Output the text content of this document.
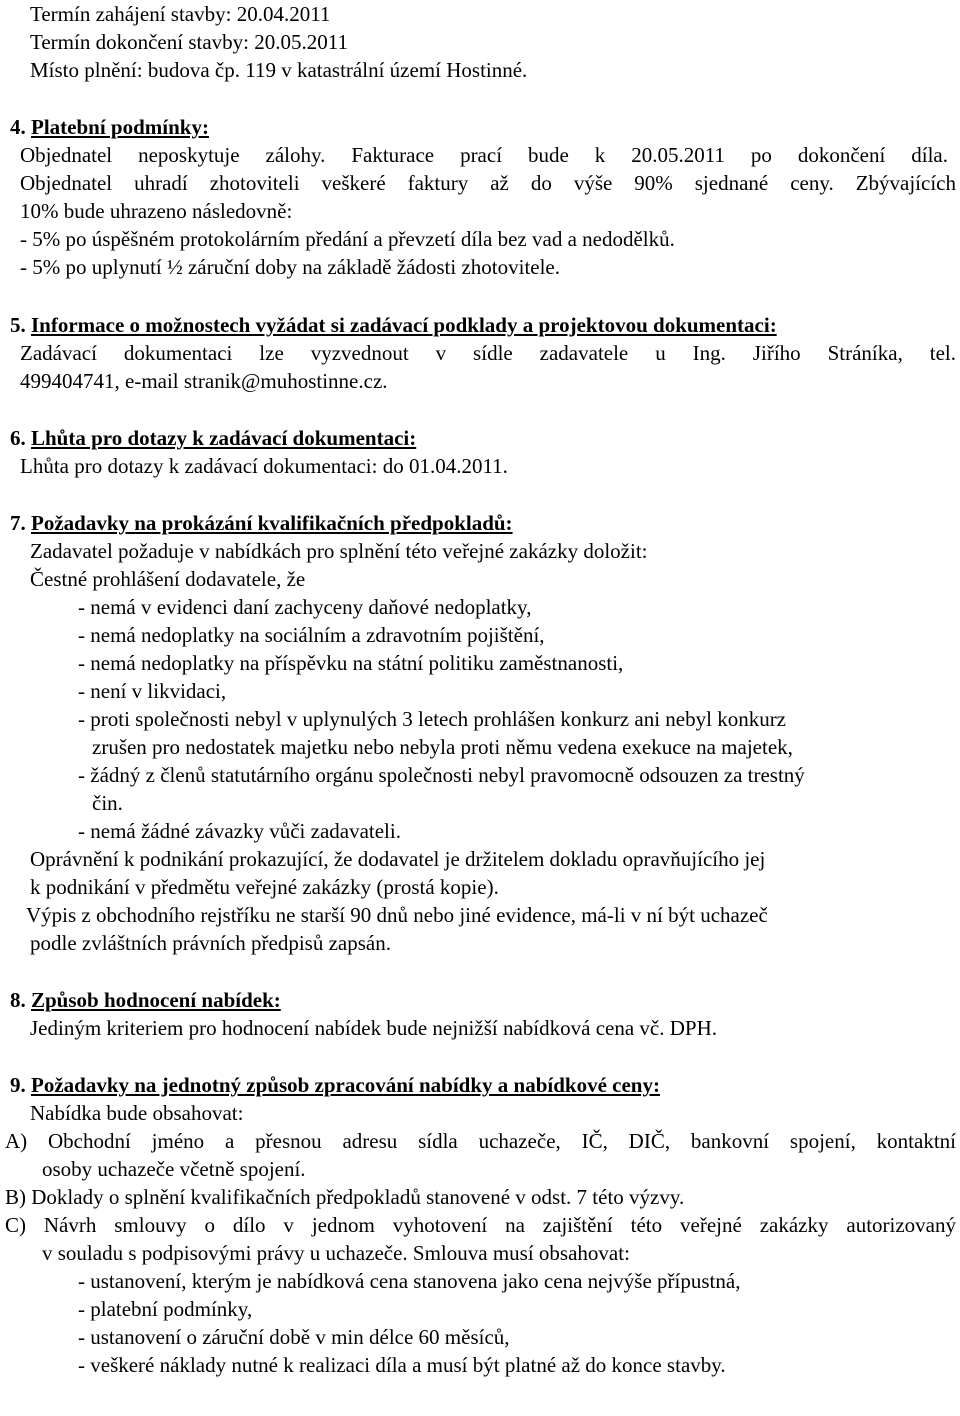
Termín zahájení stavby: 20.04.2011
Termín dokončení stavby: 20.05.2011
Místo plnění: budova čp. 119 v katastrální území Hostinné.
4. Platební podmínky:
Objednatel neposkytuje zálohy. Fakturace prací bude k 20.05.2011 po dokončení díla.
Objednatel uhradí zhotoviteli veškeré faktury až do výše 90% sjednané ceny. Zbývajících
10% bude uhrazeno následovně:
- 5% po úspěšném protokolárním předání a převzetí díla bez vad a nedodělků.
- 5% po uplynutí ½ záruční doby na základě žádosti zhotovitele.
5. Informace o možnostech vyžádat si zadávací podklady a projektovou dokumentaci:
Zadávací dokumentaci lze vyzvednout v sídle zadavatele u Ing. Jiřího Stráníka, tel.
499404741, e-mail stranik@muhostinne.cz.
6. Lhůta pro dotazy k zadávací dokumentaci:
Lhůta pro dotazy k zadávací dokumentaci: do 01.04.2011.
7. Požadavky na prokázání kvalifikačních předpokladů:
Zadavatel požaduje v nabídkách pro splnění této veřejné zakázky doložit:
Čestné prohlášení dodavatele, že
- nemá v evidenci daní zachyceny daňové nedoplatky,
- nemá nedoplatky na sociálním a zdravotním pojištění,
- nemá nedoplatky na příspěvku na státní politiku zaměstnanosti,
- není v likvidaci,
- proti společnosti nebyl v uplynulých 3 letech prohlášen konkurz ani nebyl konkurz
zrušen pro nedostatek majetku nebo nebyla proti němu vedena exekuce na majetek,
- žádný z členů statutárního orgánu společnosti nebyl pravomocně odsouzen za trestný
čin.
- nemá žádné závazky vůči zadavateli.
Oprávnění k podnikání prokazující, že dodavatel je držitelem dokladu opravňujícího jej
k podnikání v předmětu veřejné zakázky (prostá kopie).
Výpis z obchodního rejstříku ne starší 90 dnů nebo jiné evidence, má-li v ní být uchazeč
podle zvláštních právních předpisů zapsán.
8. Způsob hodnocení nabídek:
Jediným kriteriem pro hodnocení nabídek bude nejnižší nabídková cena vč. DPH.
9. Požadavky na jednotný způsob zpracování nabídky a nabídkové ceny:
Nabídka bude obsahovat:
A) Obchodní jméno a přesnou adresu sídla uchazeče, IČ, DIČ, bankovní spojení, kontaktní
osoby uchazeče včetně spojení.
B) Doklady o splnění kvalifikačních předpokladů stanovené v odst. 7 této výzvy.
C) Návrh smlouvy o dílo v jednom vyhotovení na zajištění této veřejné zakázky autorizovaný
v souladu s podpisovými právy u uchazeče. Smlouva musí obsahovat:
- ustanovení, kterým je nabídková cena stanovena jako cena nejvýše přípustná,
- platební podmínky,
- ustanovení o záruční době v min délce 60 měsíců,
- veškeré náklady nutné k realizaci díla a musí být platné až do konce stavby.
